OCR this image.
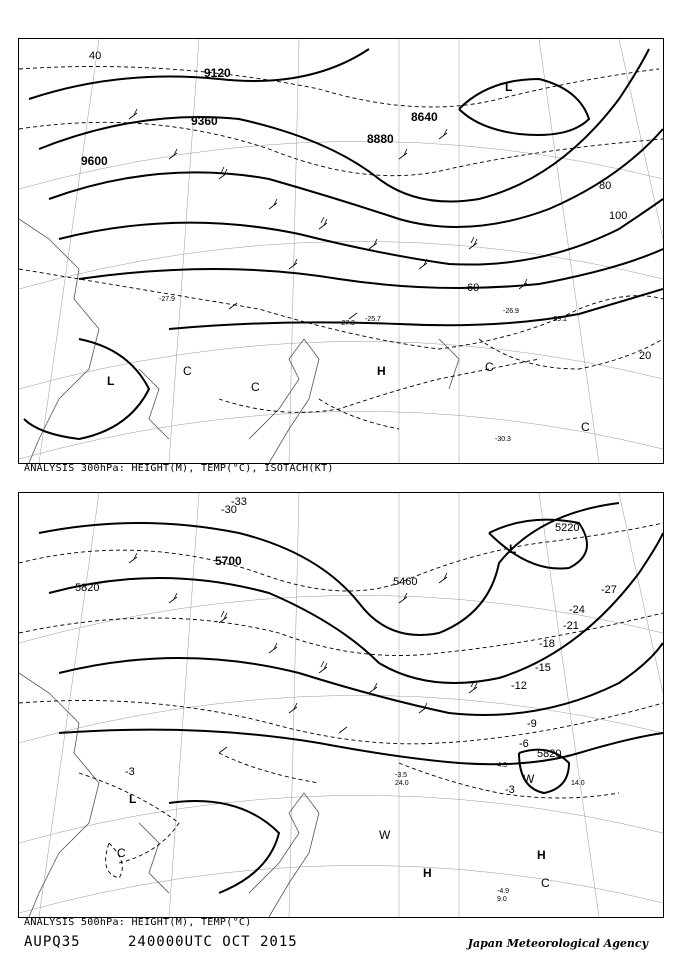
9120
9360
9600
8880
8640
40
100
60
80
20
L
H
C
C
C
C
L
-27.9
-29.1
-30.3
-25.7
-27.3
-26.9
ANALYSIS 300hPa: HEIGHT(M), TEMP(°C), ISOTACH(KT)
5700
5820	5460
5220
5820
-33
-30
-27
-24
-21
-18
-15
-12
-9
-6
-3
-3
L
L
H
H
C
C
W
W
-3.5
-4.9
-4.3
14.0
24.0
9.0
ANALYSIS 500hPa: HEIGHT(M), TEMP(°C)
AUPQ35	240000UTC OCT 2015	Japan Meteorological Agency
